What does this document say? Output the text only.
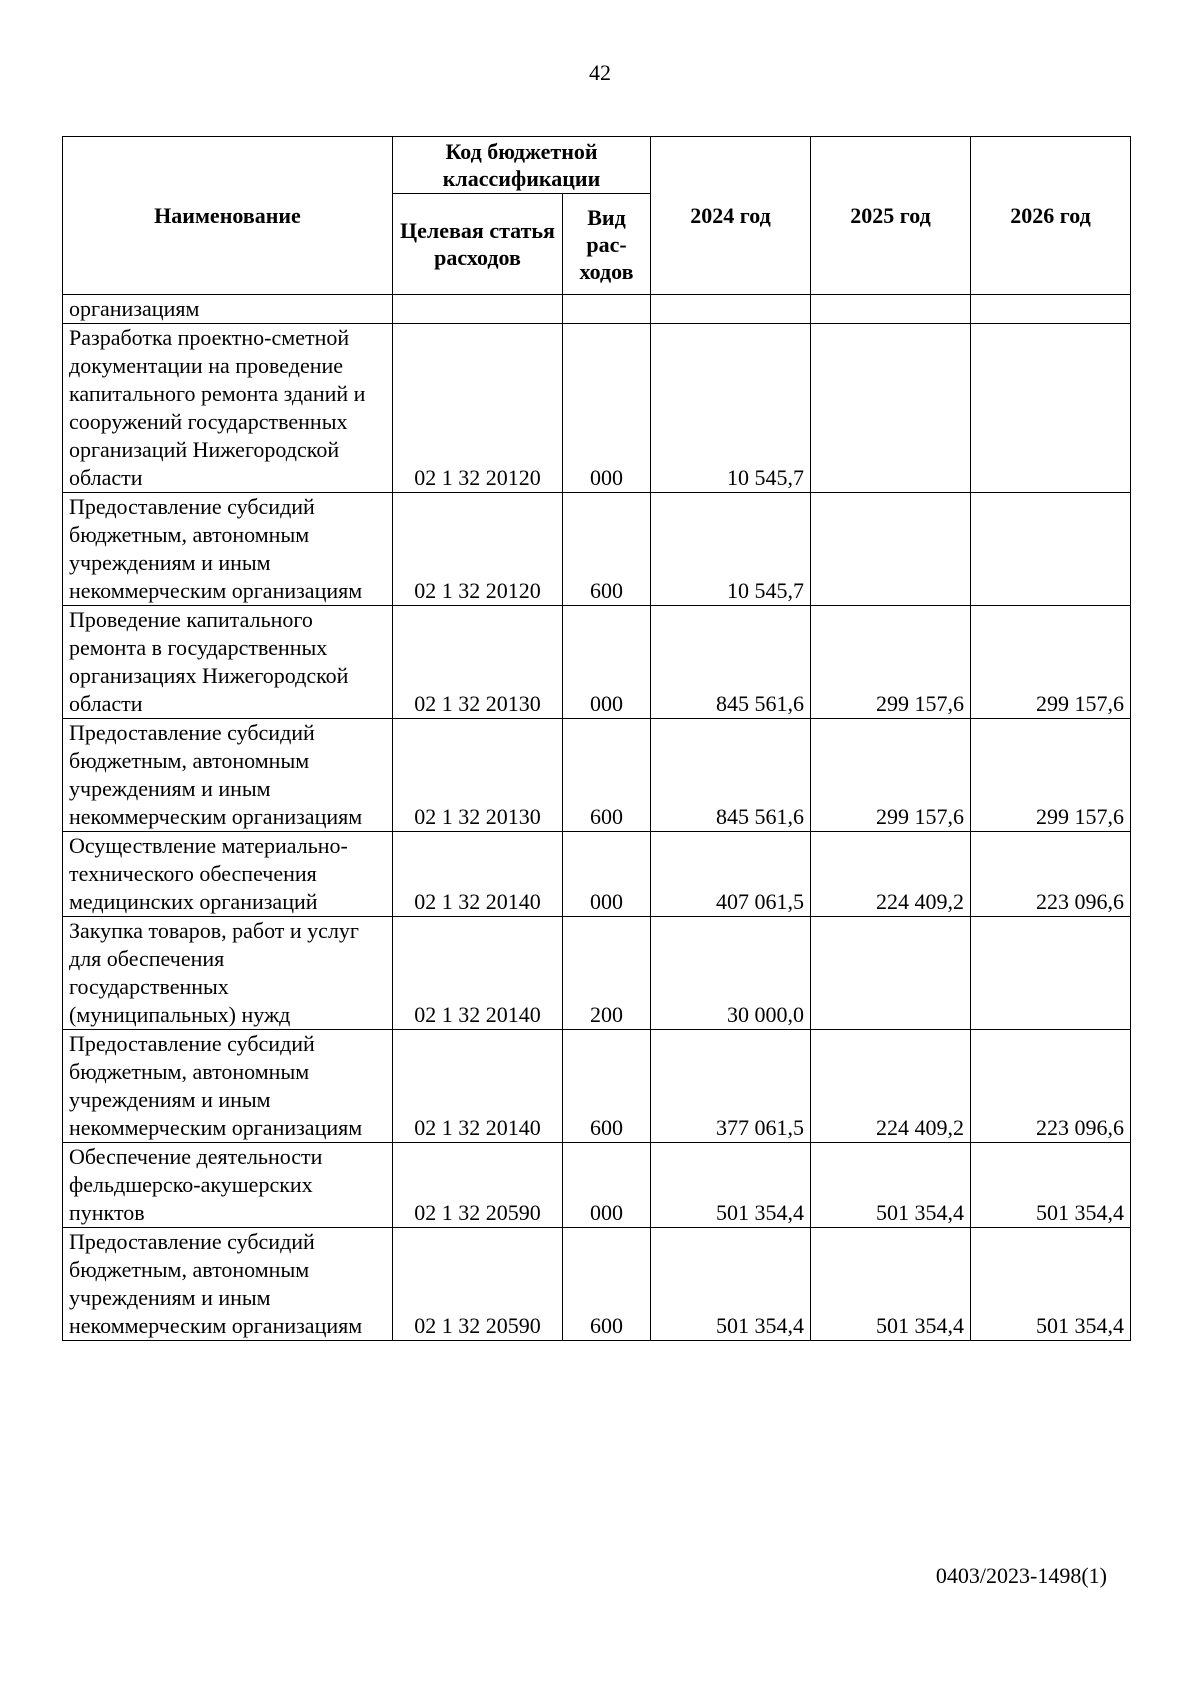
42
Наименование	Код бюджетной классификации		2024 год	2025 год	2026 год
	Целевая статья расходов	Вид рас- ходов			
организациям					
Разработка проектно-сметной документации на проведение капитального ремонта зданий и сооружений государственных организаций Нижегородской области	02 1 32 20120	000	10 545,7		
Предоставление субсидий бюджетным, автономным учреждениям и иным некоммерческим организациям	02 1 32 20120	600	10 545,7		
Проведение капитального ремонта в государственных организациях Нижегородской области	02 1 32 20130	000	845 561,6	299 157,6	299 157,6
Предоставление субсидий бюджетным, автономным учреждениям и иным некоммерческим организациям	02 1 32 20130	600	845 561,6	299 157,6	299 157,6
Осуществление материально-технического обеспечения медицинских организаций	02 1 32 20140	000	407 061,5	224 409,2	223 096,6
Закупка товаров, работ и услуг для обеспечения государственных (муниципальных) нужд	02 1 32 20140	200	30 000,0		
Предоставление субсидий бюджетным, автономным учреждениям и иным некоммерческим организациям	02 1 32 20140	600	377 061,5	224 409,2	223 096,6
Обеспечение деятельности фельдшерско-акушерских пунктов	02 1 32 20590	000	501 354,4	501 354,4	501 354,4
Предоставление субсидий бюджетным, автономным учреждениям и иным некоммерческим организациям	02 1 32 20590	600	501 354,4	501 354,4	501 354,4
0403/2023-1498(1)
